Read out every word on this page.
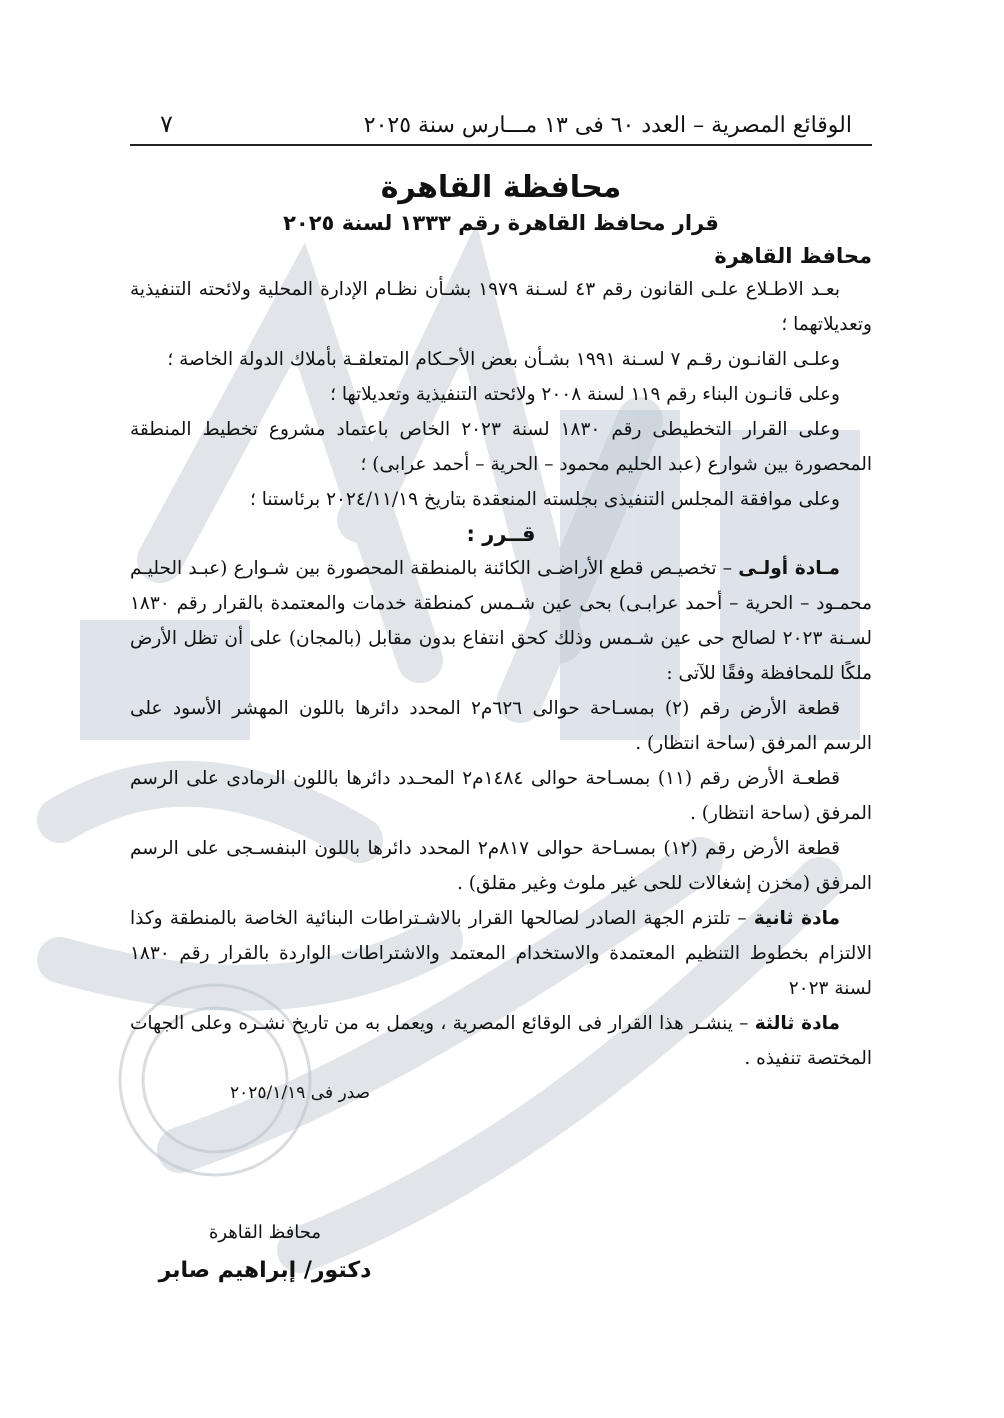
الوقائع المصرية – العدد ٦٠ فى ١٣ مـــارس سنة ٢٠٢٥
٧
محافظة القاهرة
قرار محافظ القاهرة رقم ١٣٣٣ لسنة ٢٠٢٥
محافظ القاهرة

بعـد الاطـلاع علـى القانون رقم ٤٣ لسـنة ١٩٧٩ بشـأن نظـام الإدارة المحلية ولائحته التنفيذية وتعديلاتهما ؛

وعلـى القانـون رقـم ٧ لسـنة ١٩٩١ بشـأن بعض الأحـكام المتعلقـة بأملاك الدولة الخاصة ؛

وعلى قانـون البناء رقم ١١٩ لسنة ٢٠٠٨ ولائحته التنفيذية وتعديلاتها ؛

وعلى القرار التخطيطى رقم ١٨٣٠ لسنة ٢٠٢٣ الخاص باعتماد مشروع تخطيط المنطقة المحصورة بين شوارع (عبد الحليم محمود – الحرية – أحمد عرابى) ؛

وعلى موافقة المجلس التنفيذى بجلسته المنعقدة بتاريخ ٢٠٢٤/١١/١٩ برئاستنا ؛

قــرر :

مـادة أولـى – تخصيـص قطع الأراضـى الكائنة بالمنطقة المحصورة بين شـوارع (عبـد الحليـم محمـود – الحرية – أحمد عرابـى) بحى عين شـمس كمنطقة خدمات والمعتمدة بالقرار رقم ١٨٣٠ لسـنة ٢٠٢٣ لصالح حى عين شـمس وذلك كحق انتفاع بدون مقابل (بالمجان) على أن تظل الأرض ملكًا للمحافظة وفقًا للآتى :

قطعة الأرض رقم (٢) بمسـاحة حوالى ٦٢٦م٢ المحدد دائرها باللون المهشر الأسود على الرسم المرفق (ساحة انتظار) .

قطعـة الأرض رقم (١١) بمسـاحة حوالى ١٤٨٤م٢ المحـدد دائرها باللون الرمادى على الرسم المرفق (ساحة انتظار) .

قطعة الأرض رقم (١٢) بمسـاحة حوالى ٨١٧م٢ المحدد دائرها باللون البنفسـجى على الرسم المرفق (مخزن إشغالات للحى غير ملوث وغير مقلق) .

مادة ثانية – تلتزم الجهة الصادر لصالحها القرار بالاشـتراطات البنائية الخاصة بالمنطقة وكذا الالتزام بخطوط التنظيم المعتمدة والاستخدام المعتمد والاشتراطات الواردة بالقرار رقم ١٨٣٠ لسنة ٢٠٢٣

مادة ثالثة – ينشـر هذا القرار فى الوقائع المصرية ، ويعمل به من تاريخ نشـره وعلى الجهات المختصة تنفيذه .

صدر فى ٢٠٢٥/١/١٩
محافظ القاهرة
دكتور/ إبراهيم صابر
